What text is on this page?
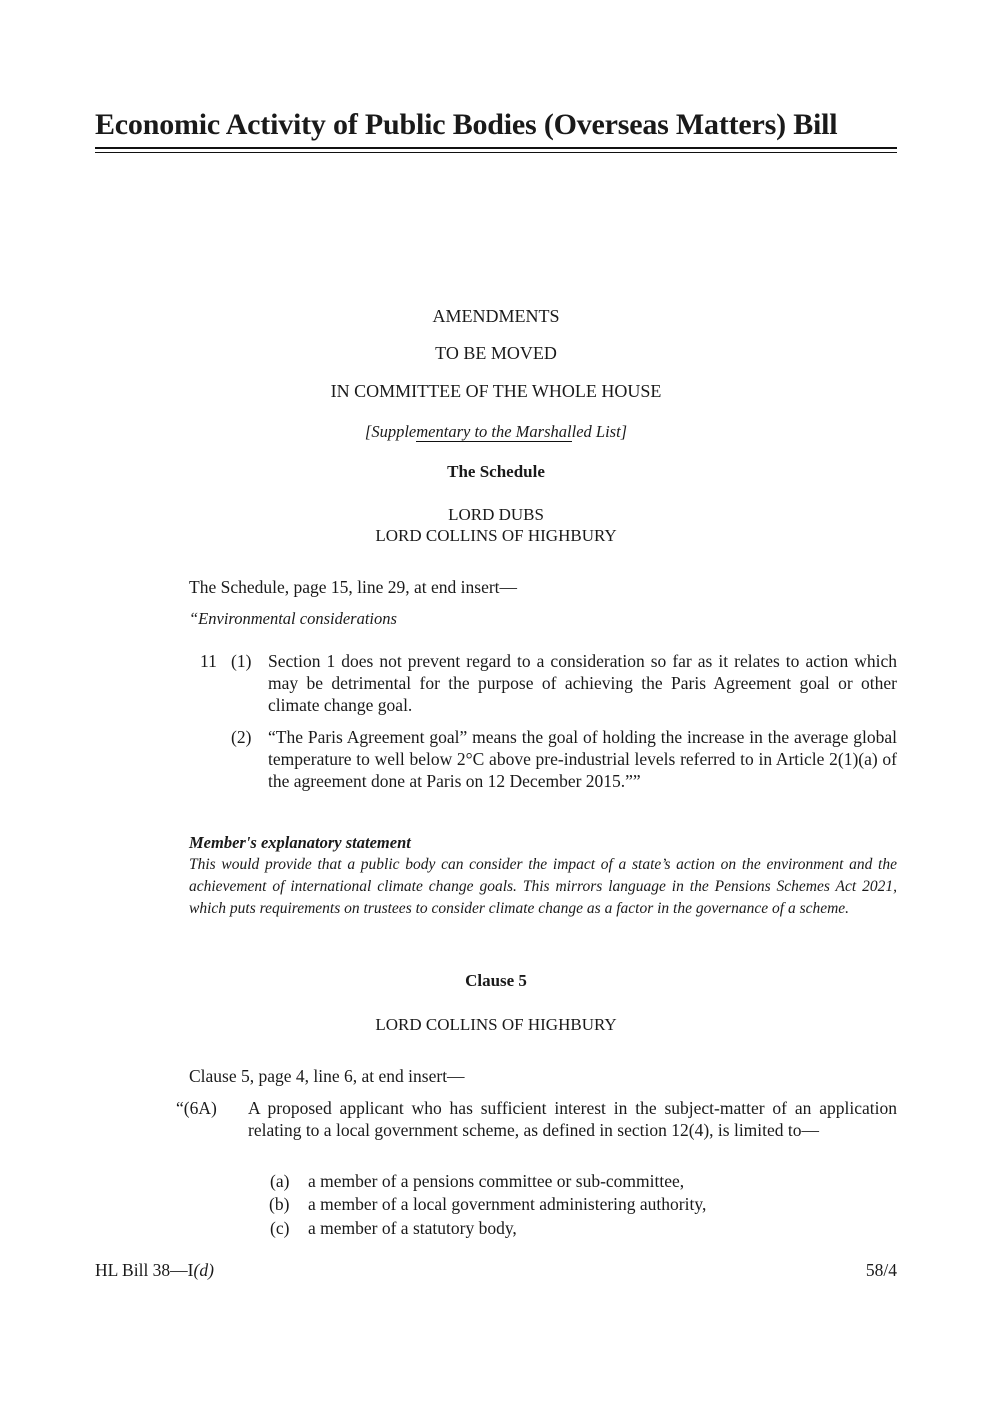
Economic Activity of Public Bodies (Overseas Matters) Bill
AMENDMENTS
TO BE MOVED
IN COMMITTEE OF THE WHOLE HOUSE
[Supplementary to the Marshalled List]
The Schedule
LORD DUBS
LORD COLLINS OF HIGHBURY
The Schedule, page 15, line 29, at end insert—
“Environmental considerations
11 (1) Section 1 does not prevent regard to a consideration so far as it relates to action which may be detrimental for the purpose of achieving the Paris Agreement goal or other climate change goal.
(2) “The Paris Agreement goal” means the goal of holding the increase in the average global temperature to well below 2°C above pre-industrial levels referred to in Article 2(1)(a) of the agreement done at Paris on 12 December 2015.””
Member's explanatory statement
This would provide that a public body can consider the impact of a state’s action on the environment and the achievement of international climate change goals. This mirrors language in the Pensions Schemes Act 2021, which puts requirements on trustees to consider climate change as a factor in the governance of a scheme.
Clause 5
LORD COLLINS OF HIGHBURY
Clause 5, page 4, line 6, at end insert—
“(6A) A proposed applicant who has sufficient interest in the subject-matter of an application relating to a local government scheme, as defined in section 12(4), is limited to—
(a) a member of a pensions committee or sub-committee,
(b) a member of a local government administering authority,
(c) a member of a statutory body,
HL Bill 38—I(d)	58/4
